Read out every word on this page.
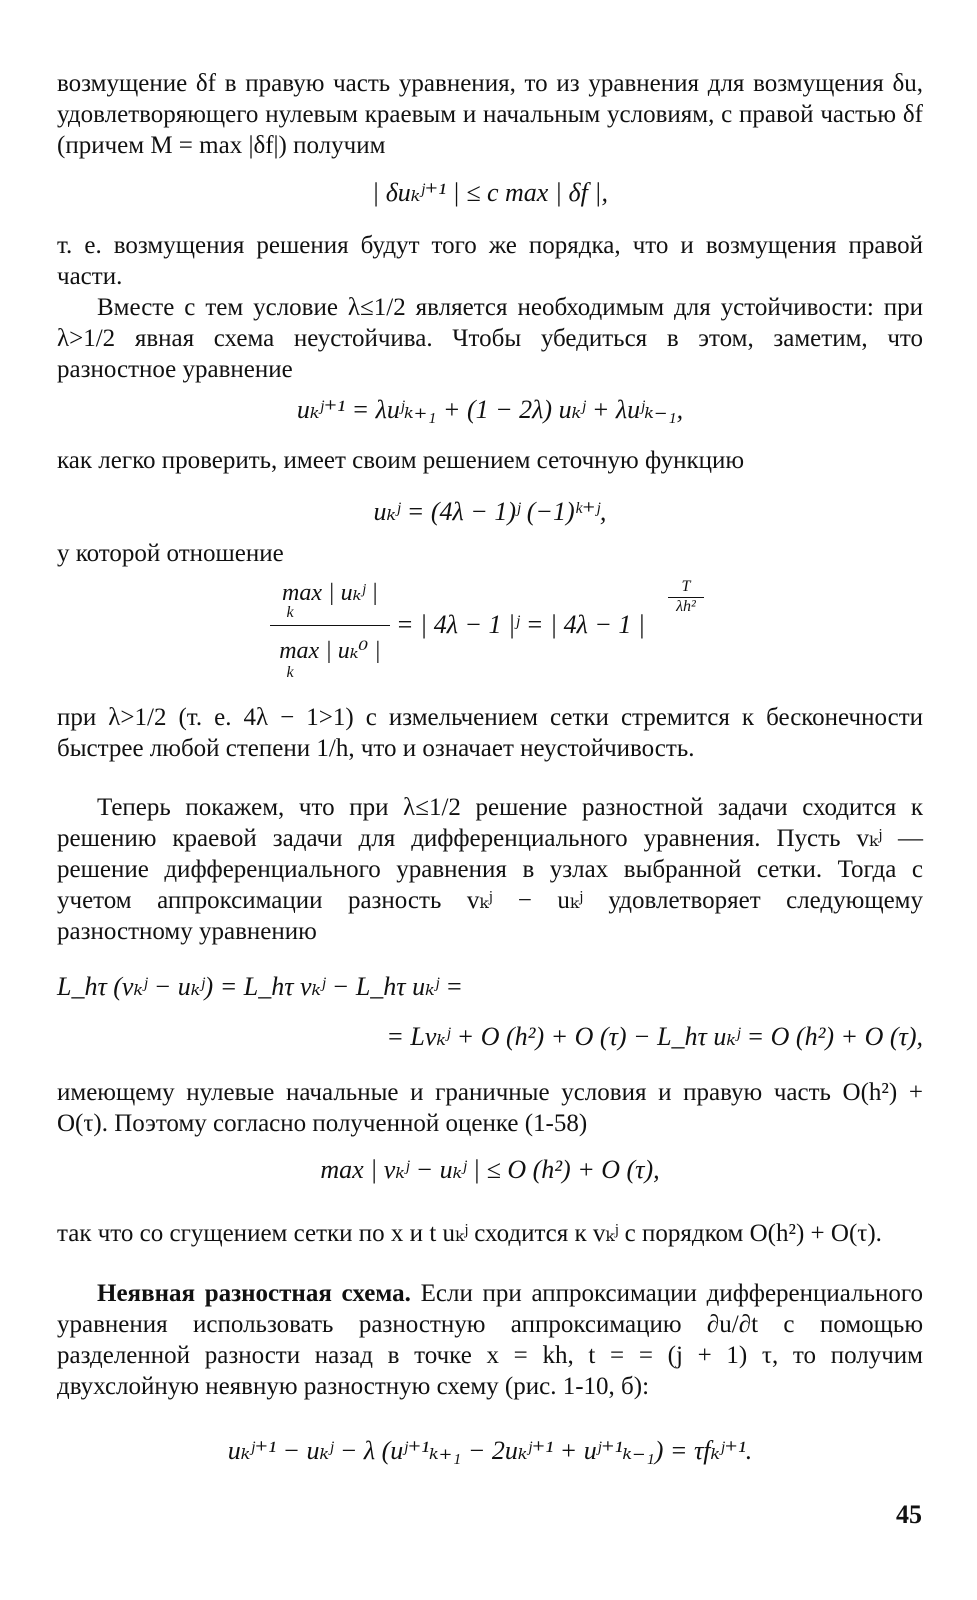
возмущение δf в правую часть уравнения, то из уравнения для возмущения δu, удовлетворяющего нулевым краевым и начальным условиям, с правой частью δf (причем M = max |δf|) получим
| δuₖʲ⁺¹ | ≤ c max | δf |,
т. е. возмущения решения будут того же порядка, что и возмущения правой части.
Вместе с тем условие λ≤1/2 является необходимым для устойчивости: при λ>1/2 явная схема неустойчива. Чтобы убедиться в этом, заметим, что разностное уравнение
uₖʲ⁺¹ = λuʲₖ₊₁ + (1 − 2λ) uₖʲ + λuʲₖ₋₁,
как легко проверить, имеет своим решением сеточную функцию
uₖʲ = (4λ − 1)ʲ (−1)ᵏ⁺ʲ,
у которой отношение
max | uₖʲ |
k
max | uₖ⁰ |
k
= | 4λ − 1 |ʲ = | 4λ − 1 |
T
λh²
при λ>1/2 (т. е. 4λ − 1>1) с измельчением сетки стремится к бесконечности быстрее любой степени 1/h, что и означает неустойчивость.
Теперь покажем, что при λ≤1/2 решение разностной задачи сходится к решению краевой задачи для дифференциального уравнения. Пусть vₖʲ — решение дифференциального уравнения в узлах выбранной сетки. Тогда с учетом аппроксимации разность vₖʲ − uₖʲ удовлетворяет следующему разностному уравнению
L_hτ (vₖʲ − uₖʲ) = L_hτ vₖʲ − L_hτ uₖʲ =
= Lvₖʲ + O (h²) + O (τ) − L_hτ uₖʲ = O (h²) + O (τ),
имеющему нулевые начальные и граничные условия и правую часть O(h²) + O(τ). Поэтому согласно полученной оценке (1-58)
max | vₖʲ − uₖʲ | ≤ O (h²) + O (τ),
так что со сгущением сетки по x и t uₖʲ сходится к vₖʲ с порядком O(h²) + O(τ).
Неявная разностная схема. Если при аппроксимации дифференциального уравнения использовать разностную аппроксимацию ∂u/∂t с помощью разделенной разности назад в точке x = kh, t = = (j + 1) τ, то получим двухслойную неявную разностную схему (рис. 1-10, б):
uₖʲ⁺¹ − uₖʲ − λ (uʲ⁺¹ₖ₊₁ − 2uₖʲ⁺¹ + uʲ⁺¹ₖ₋₁) = τfₖʲ⁺¹.
45
